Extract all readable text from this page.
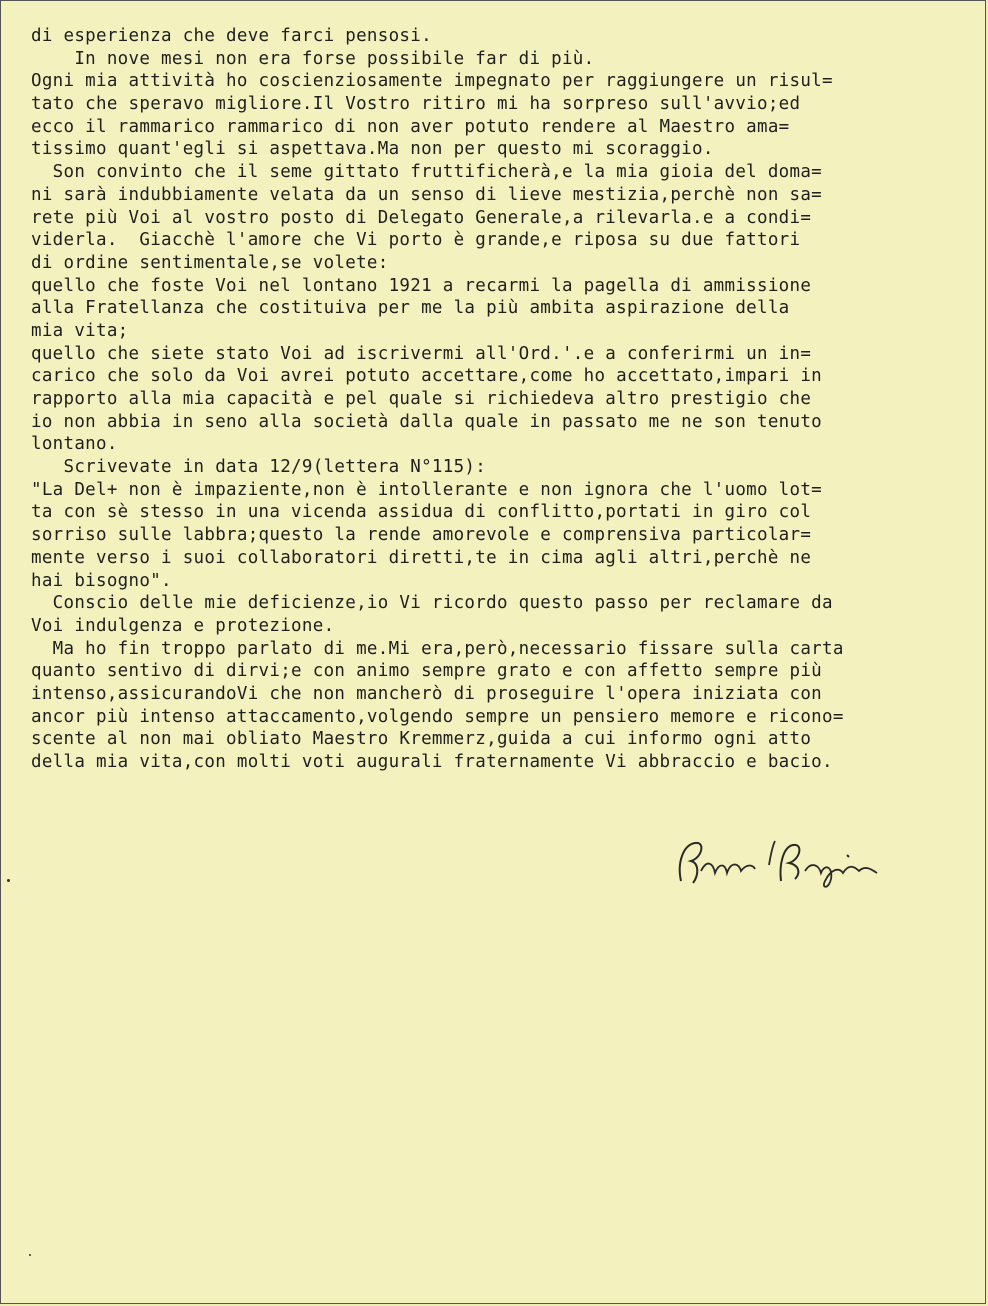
di esperienza che deve farci pensosi.
In nove mesi non era forse possibile far di più.
Ogni mia attività ho coscienziosamente impegnato per raggiungere un risul=
tato che speravo migliore.Il Vostro ritiro mi ha sorpreso sull'avvio;ed
ecco il rammarico rammarico di non aver potuto rendere al Maestro ama=
tissimo quant'egli si aspettava.Ma non per questo mi scoraggio.
Son convinto che il seme gittato fruttificherà,e la mia gioia del doma=
ni sarà indubbiamente velata da un senso di lieve mestizia,perchè non sa=
rete più Voi al vostro posto di Delegato Generale,a rilevarla.e a condi=
viderla.  Giacchè l'amore che Vi porto è grande,e riposa su due fattori
di ordine sentimentale,se volete:
quello che foste Voi nel lontano 1921 a recarmi la pagella di ammissione
alla Fratellanza che costituiva per me la più ambita aspirazione della
mia vita;
quello che siete stato Voi ad iscrivermi all'Ord.'.e a conferirmi un in=
carico che solo da Voi avrei potuto accettare,come ho accettato,impari in
rapporto alla mia capacità e pel quale si richiedeva altro prestigio che
io non abbia in seno alla società dalla quale in passato me ne son tenuto
lontano.
Scrivevate in data 12/9(lettera N°115):
"La Del+ non è impaziente,non è intollerante e non ignora che l'uomo lot=
ta con sè stesso in una vicenda assidua di conflitto,portati in giro col
sorriso sulle labbra;questo la rende amorevole e comprensiva particolar=
mente verso i suoi collaboratori diretti,te in cima agli altri,perchè ne
hai bisogno".
Conscio delle mie deficienze,io Vi ricordo questo passo per reclamare da
Voi indulgenza e protezione.
Ma ho fin troppo parlato di me.Mi era,però,necessario fissare sulla carta
quanto sentivo di dirvi;e con animo sempre grato e con affetto sempre più
intenso,assicurandoVi che non mancherò di proseguire l'opera iniziata con
ancor più intenso attaccamento,volgendo sempre un pensiero memore e ricono=
scente al non mai obliato Maestro Kremmerz,guida a cui informo ogni atto
della mia vita,con molti voti augurali fraternamente Vi abbraccio e bacio.
